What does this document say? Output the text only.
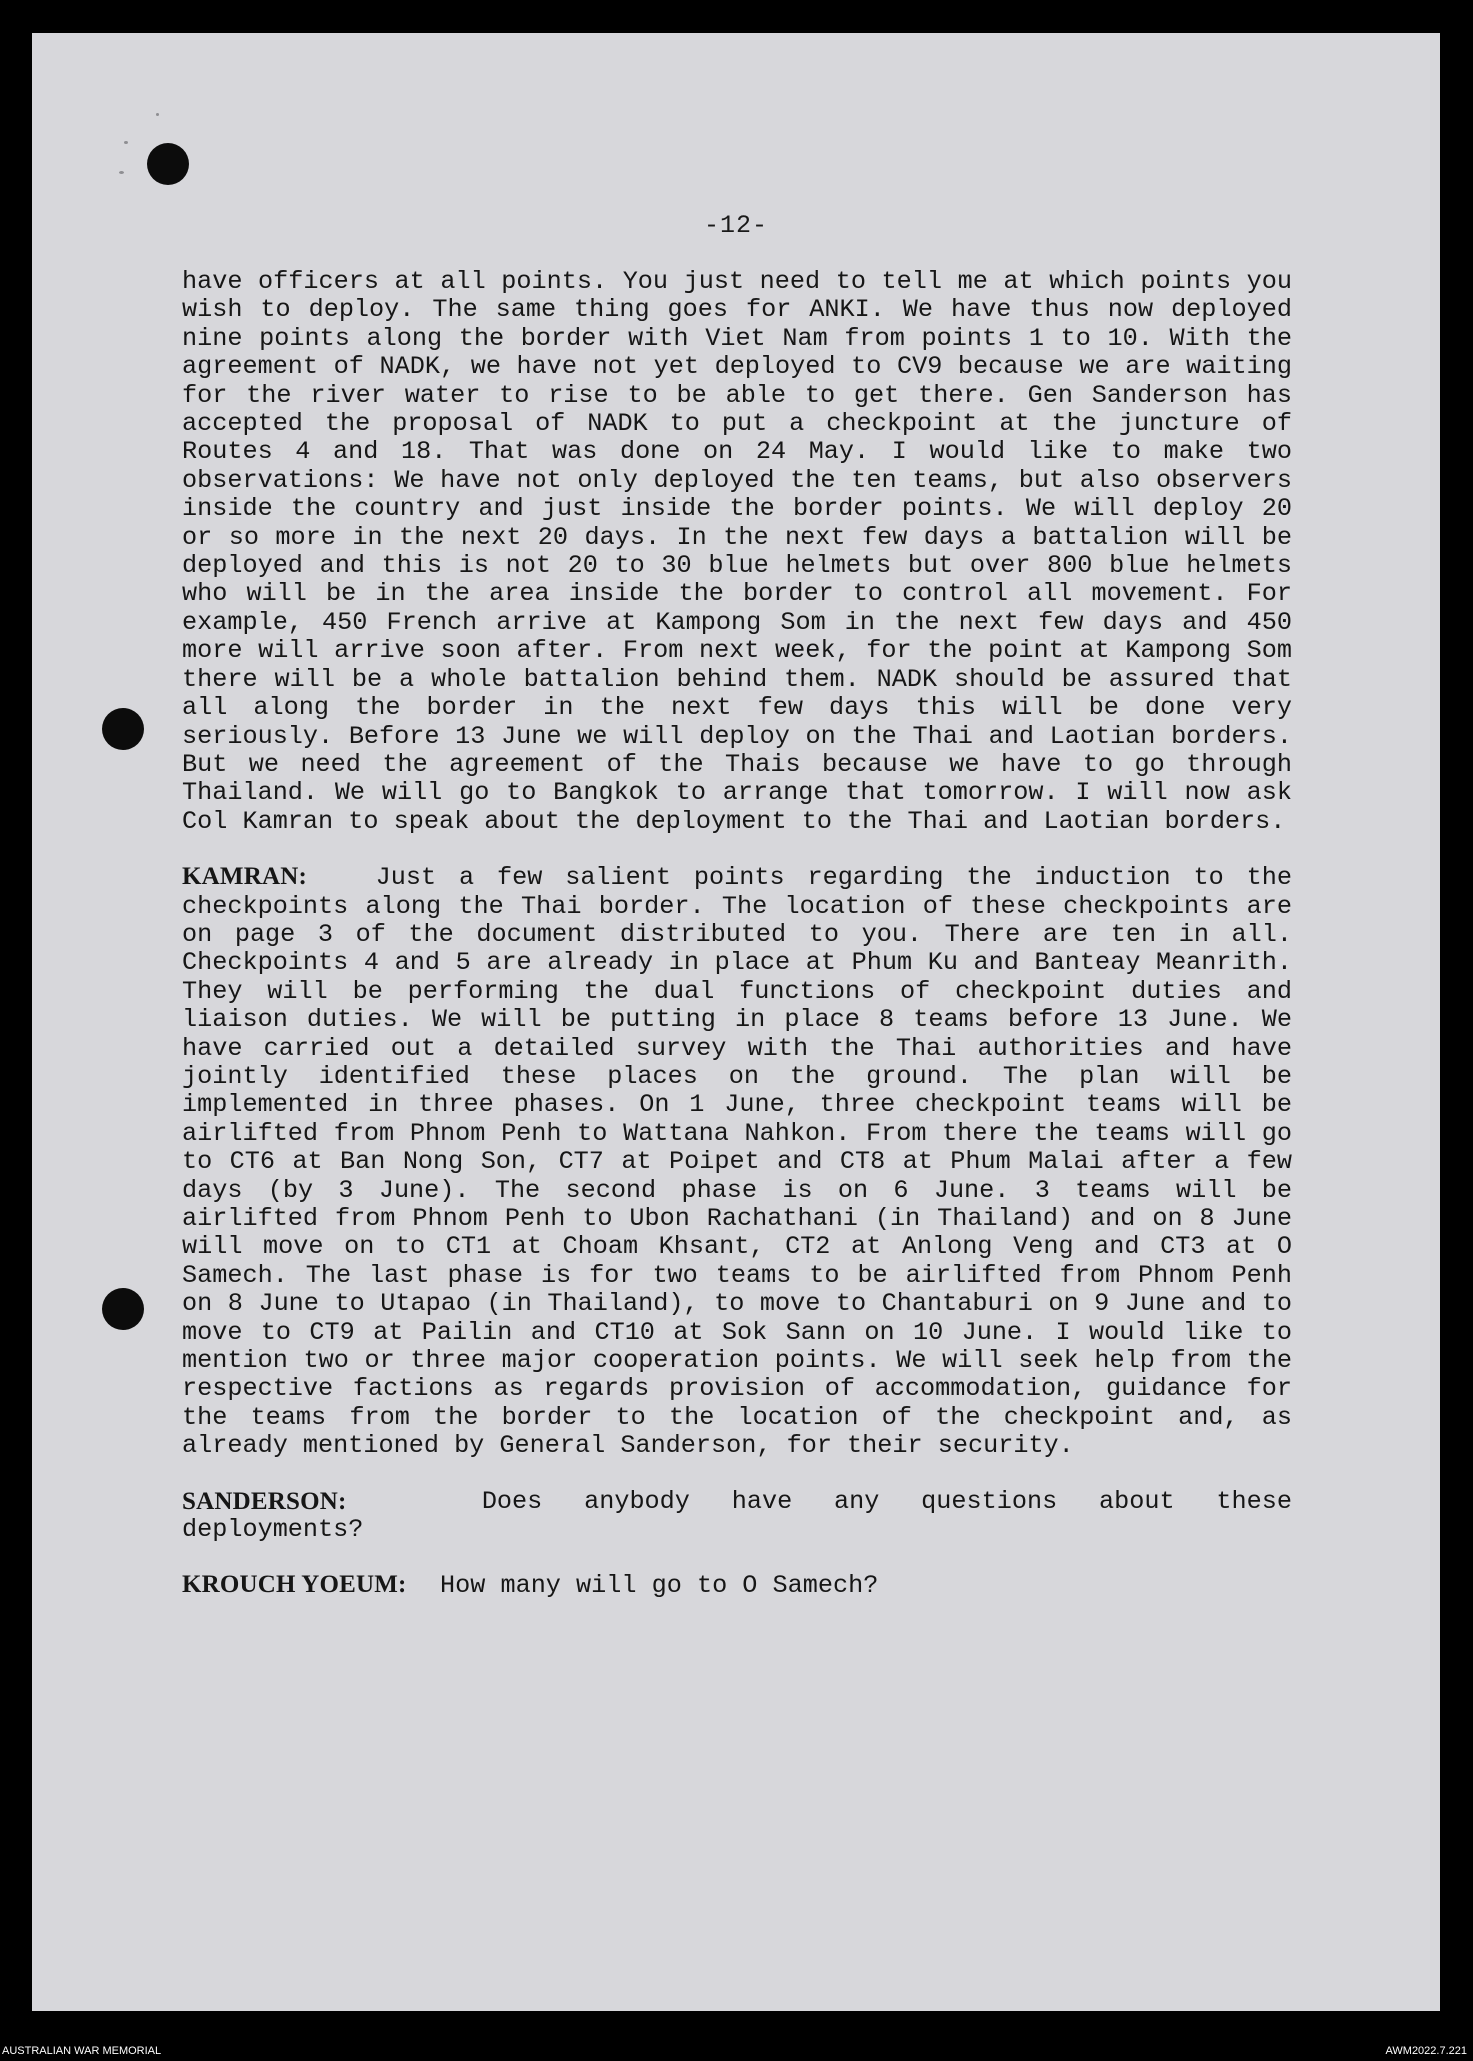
-12-

have officers at all points. You just need to tell me at which points you wish to deploy. The same thing goes for ANKI. We have thus now deployed nine points along the border with Viet Nam from points 1 to 10. With the agreement of NADK, we have not yet deployed to CV9 because we are waiting for the river water to rise to be able to get there. Gen Sanderson has accepted the proposal of NADK to put a checkpoint at the juncture of Routes 4 and 18. That was done on 24 May. I would like to make two observations: We have not only deployed the ten teams, but also observers inside the country and just inside the border points. We will deploy 20 or so more in the next 20 days. In the next few days a battalion will be deployed and this is not 20 to 30 blue helmets but over 800 blue helmets who will be in the area inside the border to control all movement. For example, 450 French arrive at Kampong Som in the next few days and 450 more will arrive soon after. From next week, for the point at Kampong Som there will be a whole battalion behind them. NADK should be assured that all along the border in the next few days this will be done very seriously. Before 13 June we will deploy on the Thai and Laotian borders. But we need the agreement of the Thais because we have to go through Thailand. We will go to Bangkok to arrange that tomorrow. I will now ask Col Kamran to speak about the deployment to the Thai and Laotian borders.

KAMRAN:	Just a few salient points regarding the induction to the checkpoints along the Thai border. The location of these checkpoints are on page 3 of the document distributed to you. There are ten in all. Checkpoints 4 and 5 are already in place at Phum Ku and Banteay Meanrith. They will be performing the dual functions of checkpoint duties and liaison duties. We will be putting in place 8 teams before 13 June. We have carried out a detailed survey with the Thai authorities and have jointly identified these places on the ground. The plan will be implemented in three phases. On 1 June, three checkpoint teams will be airlifted from Phnom Penh to Wattana Nahkon. From there the teams will go to CT6 at Ban Nong Son, CT7 at Poipet and CT8 at Phum Malai after a few days (by 3 June). The second phase is on 6 June. 3 teams will be airlifted from Phnom Penh to Ubon Rachathani (in Thailand) and on 8 June will move on to CT1 at Choam Khsant, CT2 at Anlong Veng and CT3 at O Samech. The last phase is for two teams to be airlifted from Phnom Penh on 8 June to Utapao (in Thailand), to move to Chantaburi on 9 June and to move to CT9 at Pailin and CT10 at Sok Sann on 10 June. I would like to mention two or three major cooperation points. We will seek help from the respective factions as regards provision of accommodation, guidance for the teams from the border to the location of the checkpoint and, as already mentioned by General Sanderson, for their security.

SANDERSON:	Does anybody have any questions about these
deployments?
KROUCH YOEUM: How many will go to O Samech?
AUSTRALIAN WAR MEMORIAL	AWM2022.7.221
